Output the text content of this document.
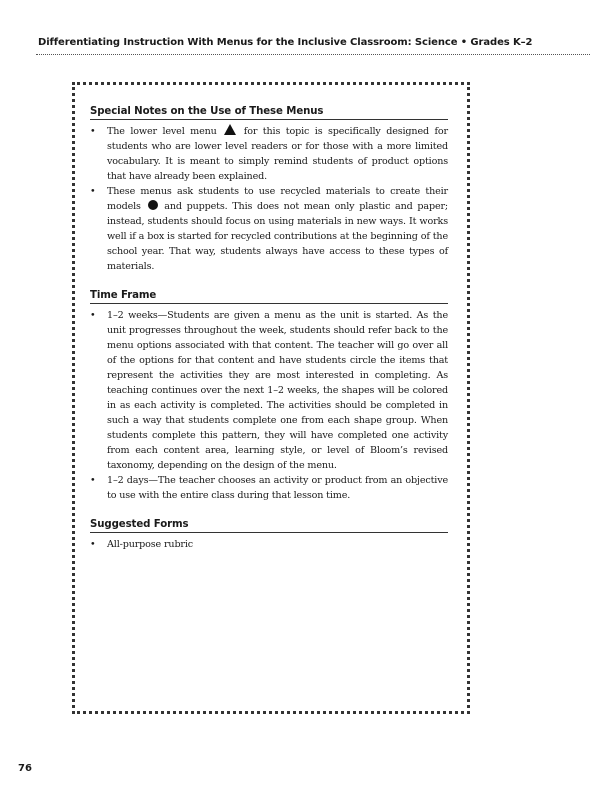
Differentiating Instruction With Menus for the Inclusive Classroom: Science • Grades K–2
Special Notes on the Use of These Menus
•	The lower level menu	for this topic is specifically designed for students who are lower level readers or for those with a more limited vocabulary. It is meant to simply remind students of product options that have already been explained.
•	These menus ask students to use recycled materials to create their models and puppets. This does not mean only plastic and paper; instead, students should focus on using materials in new ways. It works well if a box is started for recycled contributions at the beginning of the school year. That way, students always have access to these types of materials.
Time Frame
•	1–2 weeks—Students are given a menu as the unit is started. As the unit progresses throughout the week, students should refer back to the menu options associated with that content. The teacher will go over all of the options for that content and have students circle the items that represent the activities they are most interested in completing. As teaching continues over the next 1–2 weeks, the shapes will be colored in as each activity is completed. The activities should be completed in such a way that students complete one from each shape group. When students complete this pattern, they will have completed one activity from each content area, learning style, or level of Bloom’s revised taxonomy, depending on the design of the menu.
•	1–2 days—The teacher chooses an activity or product from an objective to use with the entire class during that lesson time.
Suggested Forms
•	All-purpose rubric
76
